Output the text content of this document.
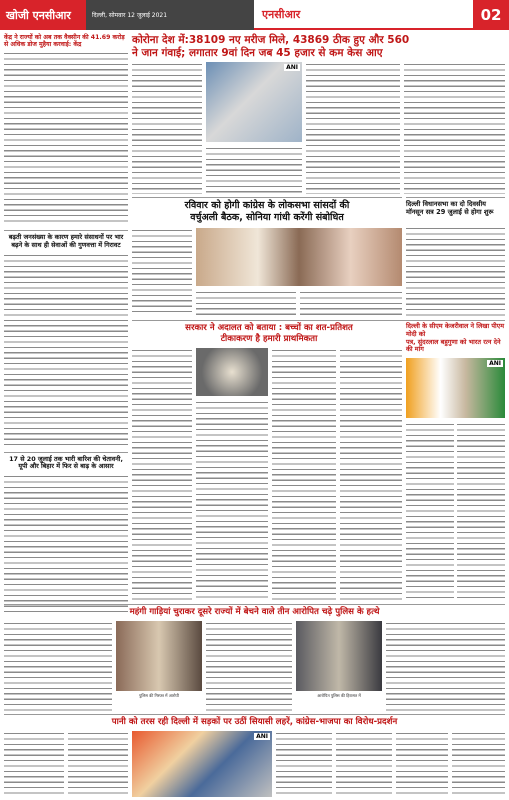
खोजी एनसीआर	दिल्ली, सोमवार 12 जुलाई 2021	एनसीआर	02
केंद्र ने राज्यों को अब तक वैक्सीन की 41.69 करोड़ से अधिक डोज मुहैया करवाई: केंद्र
बढ़ती जनसंख्या के कारण हमारे संसाधनों पर भार बढ़ने के साथ ही सेवाओं की गुणवत्ता में गिरावट
17 से 20 जुलाई तक भारी बारिश की चेतावनी, यूपी और बिहार में फिर से बाढ़ के आसार
कोरोना देश में:38109 नए मरीज मिले, 43869 ठीक हुए और 560
ने जान गंवाई; लगातार 9वां दिन जब 45 हजार से कम केस आए
ANI
रविवार को होगी कांग्रेस के लोकसभा सांसदों की
वर्चुअली बैठक, सोनिया गांधी करेंगी संबोधित
दिल्ली विधानसभा का दो दिवसीय
मॉनसून सत्र 29 जुलाई से होगा शुरू
सरकार ने अदालत को बताया : बच्चों का शत-प्रतिशत
टीकाकरण है हमारी प्राथमिकता
दिल्ली के सीएम केजरीवाल ने लिखा पीएम मोदी को
पत्र, सुंदरलाल बहुगुणा को भारत रत्न देने की मांग
ANI
महंगी गाड़ियां चुराकर दूसरे राज्यों में बेचने वाले तीन आरोपित चढ़े पुलिस के हत्थे
पुलिस की गिरफ्त में आरोपी	आरोपित पुलिस की हिरासत में
पानी को तरस रही दिल्ली में सड़कों पर उठीं सियासी लहरें, कांग्रेस-भाजपा का विरोध-प्रदर्शन
ANI
